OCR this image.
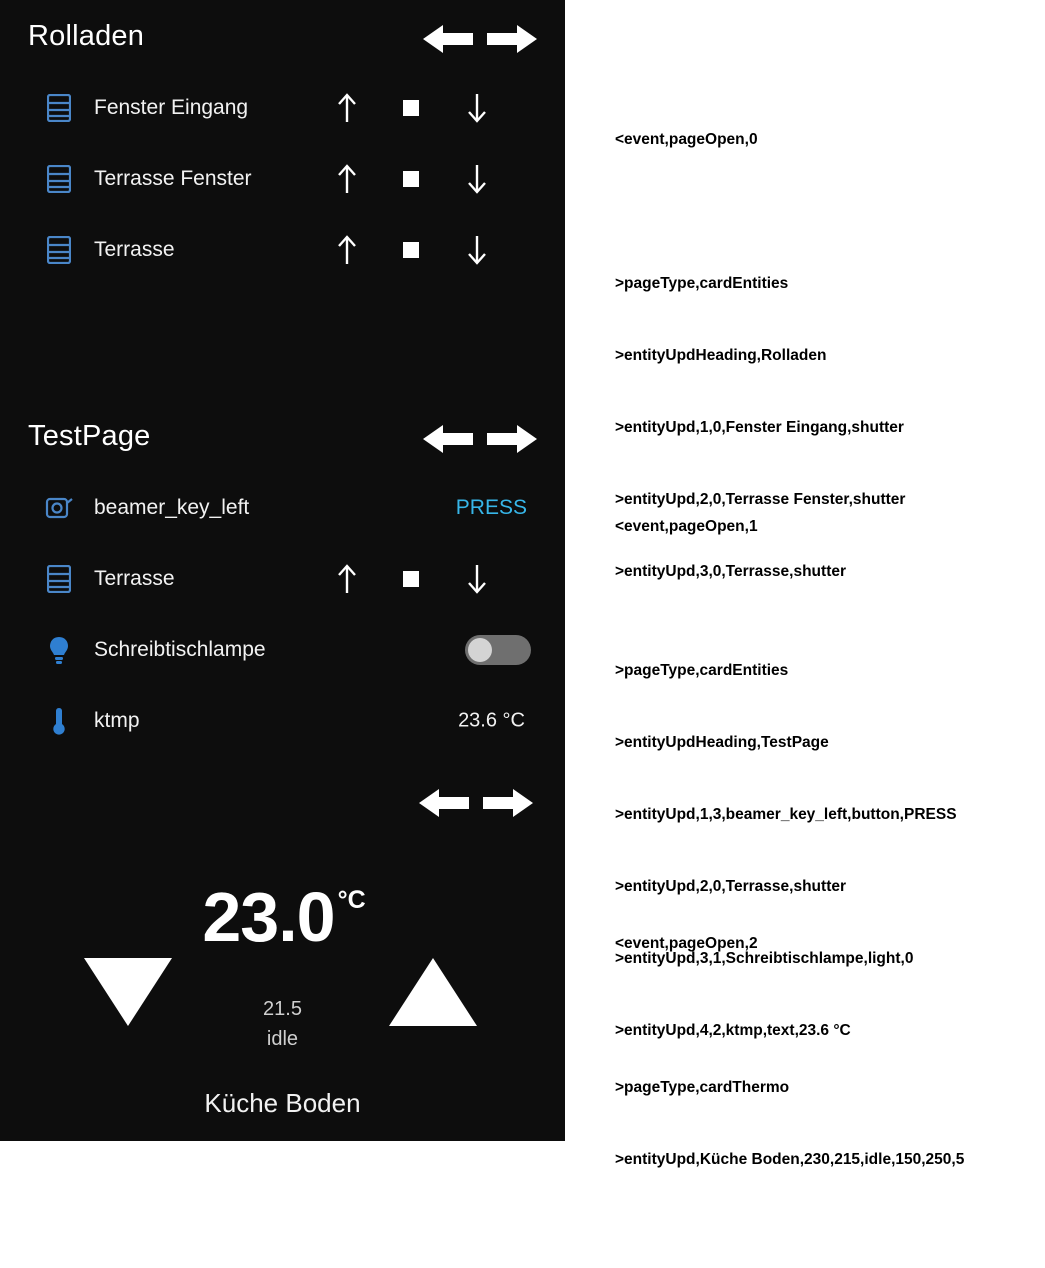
Rolladen
Fenster Eingang
Terrasse Fenster
Terrasse
TestPage
beamer_key_left	PRESS
Terrasse
Schreibtischlampe
ktmp	23.6 °C
23.0 °C
21.5
idle
Küche Boden

<event,pageOpen,0

>pageType,cardEntities

>entityUpdHeading,Rolladen

>entityUpd,1,0,Fenster Eingang,shutter

>entityUpd,2,0,Terrasse Fenster,shutter

>entityUpd,3,0,Terrasse,shutter

<event,pageOpen,1

>pageType,cardEntities

>entityUpdHeading,TestPage

>entityUpd,1,3,beamer_key_left,button,PRESS

>entityUpd,2,0,Terrasse,shutter

>entityUpd,3,1,Schreibtischlampe,light,0

>entityUpd,4,2,ktmp,text,23.6 °C

<event,pageOpen,2

>pageType,cardThermo

>entityUpd,Küche Boden,230,215,idle,150,250,5
